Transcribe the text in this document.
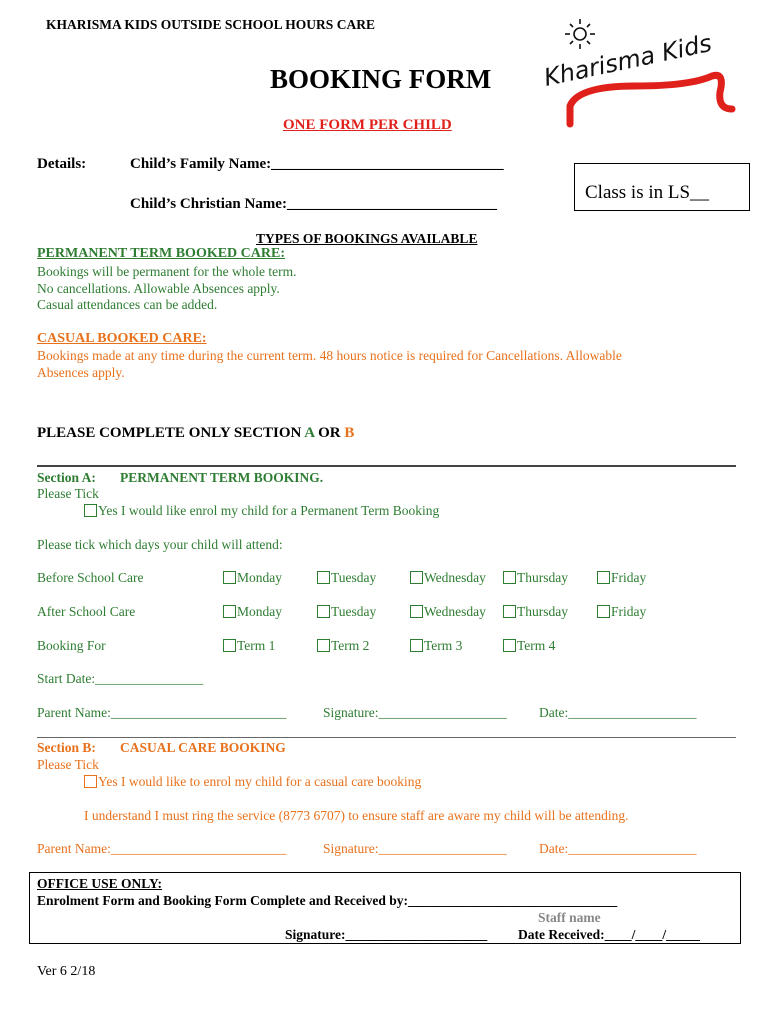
KHARISMA KIDS OUTSIDE SCHOOL HOURS CARE
BOOKING FORM
ONE FORM PER CHILD
Kharisma Kids
Details:	Child’s Family Name:_______________________________
Child’s Christian Name:____________________________
Class is in LS__
TYPES OF BOOKINGS AVAILABLE
PERMANENT TERM BOOKED CARE:
Bookings will be permanent for the whole term.
No cancellations. Allowable Absences apply.
Casual attendances can be added.
CASUAL BOOKED CARE:
Bookings made at any time during the current term. 48 hours notice is required for Cancellations. Allowable
Absences apply.
PLEASE COMPLETE ONLY SECTION A OR B
Section A: PERMANENT TERM BOOKING.
Please Tick
Yes I would like enrol my child for a Permanent Term Booking
Please tick which days your child will attend:
Before School Care	Monday	Tuesday	Wednesday	Thursday	Friday
After School Care	Monday	Tuesday	Wednesday	Thursday	Friday
Booking For	Term 1	Term 2	Term 3	Term 4
Start Date:________________
Parent Name:__________________________	Signature:___________________ Date:___________________
Section B: CASUAL CARE BOOKING
Please Tick
Yes I would like to enrol my child for a casual care booking
I understand I must ring the service (8773 6707) to ensure staff are aware my child will be attending.
Parent Name:__________________________	Signature:___________________ Date:___________________
OFFICE USE ONLY:
Enrolment Form and Booking Form Complete and Received by:_______________________________
Staff name
Signature:_____________________ Date Received:____/____/_____
Ver 6 2/18
